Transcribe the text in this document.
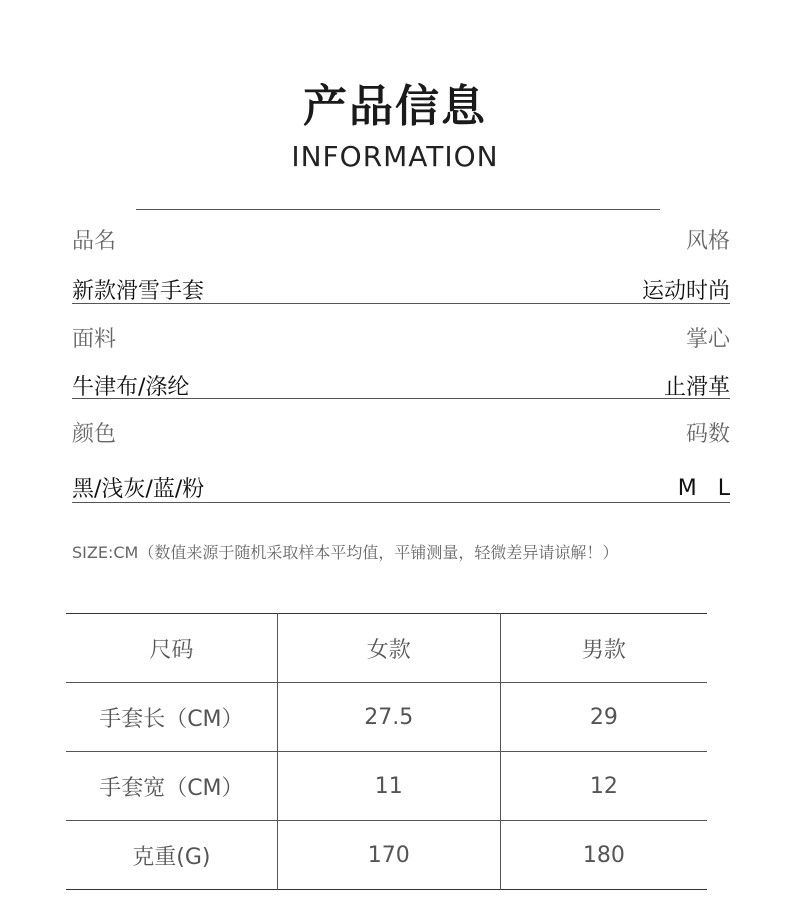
产品信息
INFORMATION
品名	风格
新款滑雪手套	运动时尚
面料	掌心
牛津布/涤纶	止滑革
颜色	码数
黑/浅灰/蓝/粉	M   L
SIZE:CM（数值来源于随机采取样本平均值，平铺测量，轻微差异请谅解！）
尺码	女款	男款
手套长（CM）	27.5	29
手套宽（CM）	11	12
克重(G)	170	180
